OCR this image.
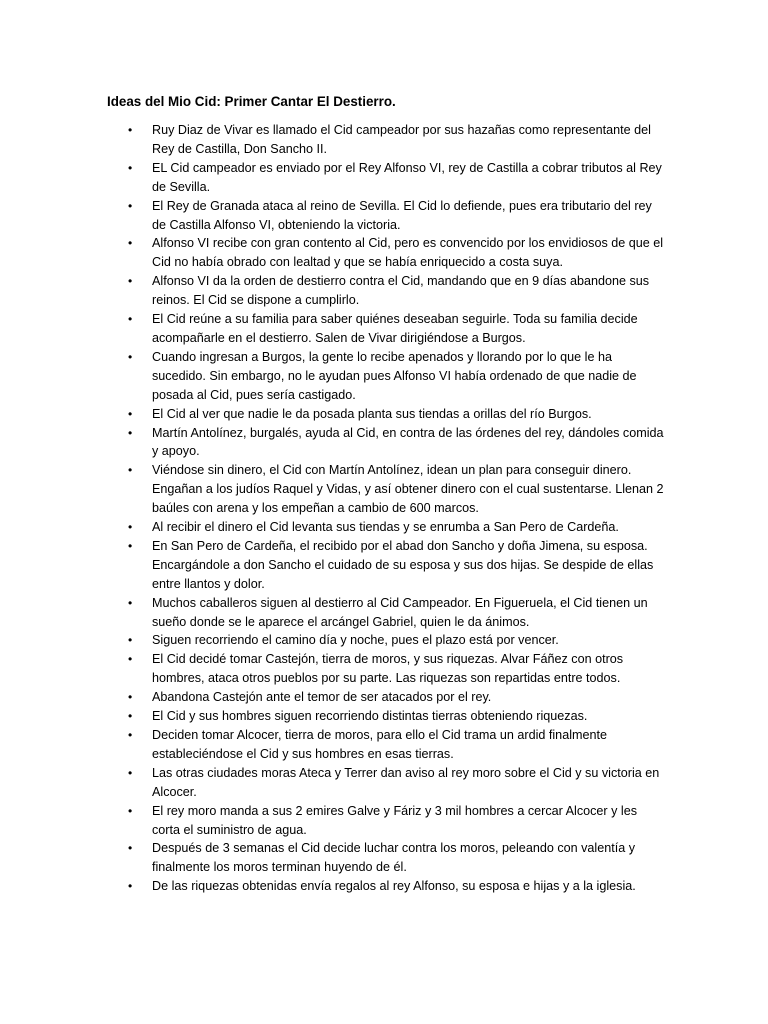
Ideas del Mio Cid: Primer Cantar El Destierro.
• Ruy Diaz de Vivar es llamado el Cid campeador por sus hazañas como representante del Rey de Castilla, Don Sancho II.
• EL Cid campeador es enviado por el Rey Alfonso VI, rey de Castilla a cobrar tributos al Rey de Sevilla.
• El Rey de Granada ataca al reino de Sevilla. El Cid lo defiende, pues era tributario del rey de Castilla Alfonso VI, obteniendo la victoria.
• Alfonso VI recibe con gran contento al Cid, pero es convencido por los envidiosos de que el Cid no había obrado con lealtad y que se había enriquecido a costa suya.
• Alfonso VI da la orden de destierro contra el Cid, mandando que en 9 días abandone sus reinos. El Cid se dispone a cumplirlo.
• El Cid reúne a su familia para saber quiénes deseaban seguirle. Toda su familia decide acompañarle en el destierro. Salen de Vivar dirigiéndose a Burgos.
• Cuando ingresan a Burgos, la gente lo recibe apenados y llorando por lo que le ha sucedido. Sin embargo, no le ayudan pues Alfonso VI había ordenado de que nadie de posada al Cid, pues sería castigado.
• El Cid al ver que nadie le da posada planta sus tiendas a orillas del río Burgos.
• Martín Antolínez, burgalés, ayuda al Cid, en contra de las órdenes del rey, dándoles comida y apoyo.
• Viéndose sin dinero, el Cid con Martín Antolínez, idean un plan para conseguir dinero. Engañan a los judíos Raquel y Vidas, y así obtener dinero con el cual sustentarse. Llenan 2 baúles con arena y los empeñan a cambio de 600 marcos.
• Al recibir el dinero el Cid levanta sus tiendas y se enrumba a San Pero de Cardeña.
• En San Pero de Cardeña, el recibido por el abad don Sancho y doña Jimena, su esposa. Encargándole a don Sancho el cuidado de su esposa y sus dos hijas. Se despide de ellas entre llantos y dolor.
• Muchos caballeros siguen al destierro al Cid Campeador. En Figueruela, el Cid tienen un sueño donde se le aparece el arcángel Gabriel, quien le da ánimos.
• Siguen recorriendo el camino día y noche, pues el plazo está por vencer.
• El Cid decidé tomar Castejón, tierra de moros, y sus riquezas. Alvar Fáñez con otros hombres, ataca otros pueblos por su parte. Las riquezas son repartidas entre todos.
• Abandona Castejón ante el temor de ser atacados por el rey.
• El Cid y sus hombres siguen recorriendo distintas tierras obteniendo riquezas.
• Deciden tomar Alcocer, tierra de moros, para ello el Cid trama un ardid finalmente estableciéndose el Cid y sus hombres en esas tierras.
• Las otras ciudades moras Ateca y Terrer dan aviso al rey moro sobre el Cid y su victoria en Alcocer.
• El rey moro manda a sus 2 emires Galve y Fáriz y 3 mil hombres a cercar Alcocer y les corta el suministro de agua.
• Después de 3 semanas el Cid decide luchar contra los moros, peleando con valentía y finalmente los moros terminan huyendo de él.
• De las riquezas obtenidas envía regalos al rey Alfonso, su esposa e hijas y a la iglesia.
